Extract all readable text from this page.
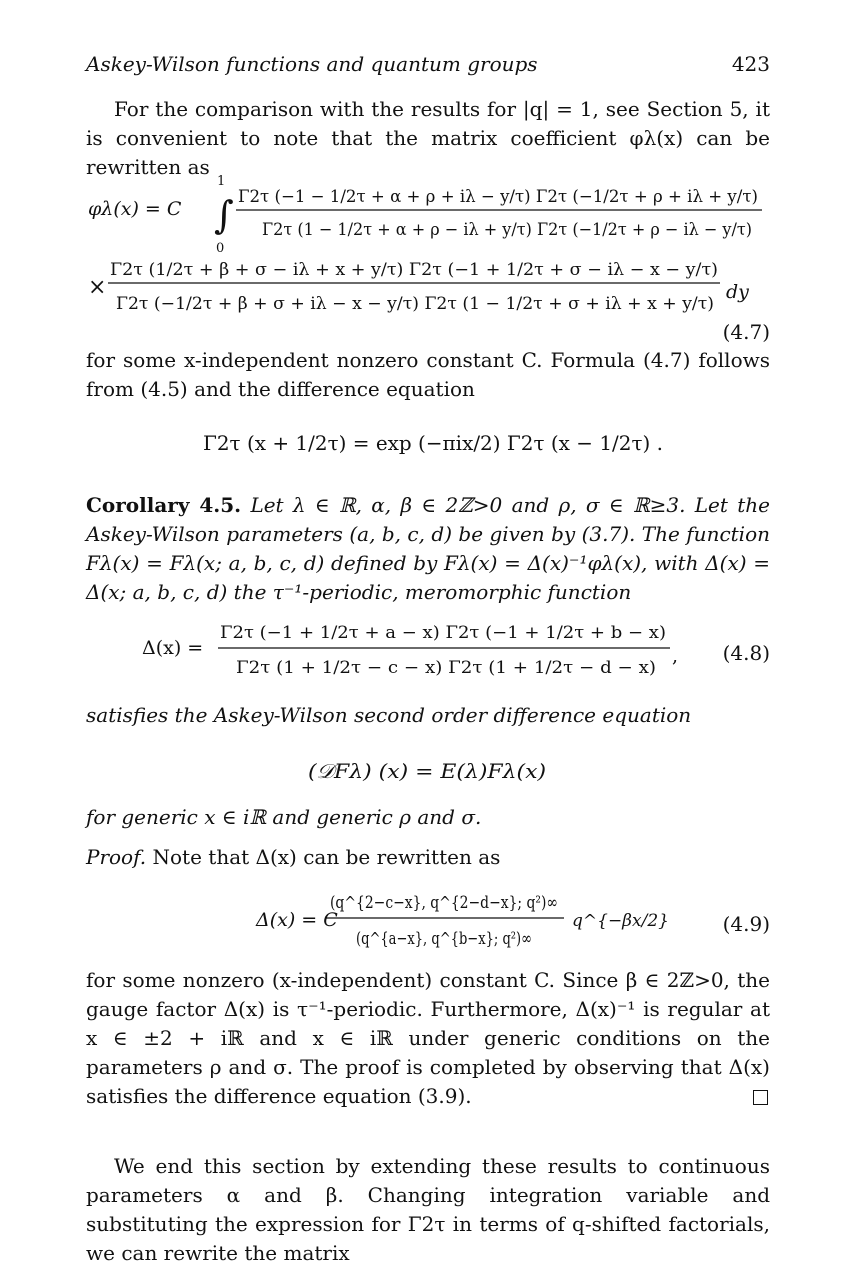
Askey-Wilson functions and quantum groups	423
For the comparison with the results for |q| = 1, see Section 5, it is convenient to note that the matrix coefficient φλ(x) can be rewritten as
φλ(x) = C
1
∫
0
Γ2τ (−1 − 1/2τ + α + ρ + iλ − y/τ) Γ2τ (−1/2τ + ρ + iλ + y/τ)
Γ2τ (1 − 1/2τ + α + ρ − iλ + y/τ) Γ2τ (−1/2τ + ρ − iλ − y/τ)
×
Γ2τ (1/2τ + β + σ − iλ + x + y/τ) Γ2τ (−1 + 1/2τ + σ − iλ − x − y/τ)
Γ2τ (−1/2τ + β + σ + iλ − x − y/τ) Γ2τ (1 − 1/2τ + σ + iλ + x + y/τ)
dy
(4.7)
for some x-independent nonzero constant C. Formula (4.7) follows from (4.5) and the difference equation
Γ2τ (x + 1/2τ) = exp (−πix/2) Γ2τ (x − 1/2τ) .
Corollary 4.5. Let λ ∈ ℝ, α, β ∈ 2ℤ>0 and ρ, σ ∈ ℝ≥3. Let the Askey-Wilson parameters (a, b, c, d) be given by (3.7). The function Fλ(x) = Fλ(x; a, b, c, d) defined by Fλ(x) = Δ(x)⁻¹φλ(x), with Δ(x) = Δ(x; a, b, c, d) the τ⁻¹-periodic, meromorphic function
Δ(x) =
Γ2τ (−1 + 1/2τ + a − x) Γ2τ (−1 + 1/2τ + b − x)
Γ2τ (1 + 1/2τ − c − x) Γ2τ (1 + 1/2τ − d − x)
, (4.8)
satisfies the Askey-Wilson second order difference equation
(𝒟Fλ) (x) = E(λ)Fλ(x)
for generic x ∈ iℝ and generic ρ and σ.
Proof. Note that Δ(x) can be rewritten as
Δ(x) = C
(q^{2−c−x}, q^{2−d−x}; q²)∞
(q^{a−x}, q^{b−x}; q²)∞
q^{−βx/2}	(4.9)
for some nonzero (x-independent) constant C. Since β ∈ 2ℤ>0, the gauge factor Δ(x) is τ⁻¹-periodic. Furthermore, Δ(x)⁻¹ is regular at x ∈ ±2 + iℝ and x ∈ iℝ under generic conditions on the parameters ρ and σ. The proof is completed by observing that Δ(x) satisfies the difference equation (3.9).
We end this section by extending these results to continuous parameters α and β. Changing integration variable and substituting the expression for Γ2τ in terms of q-shifted factorials, we can rewrite the matrix
